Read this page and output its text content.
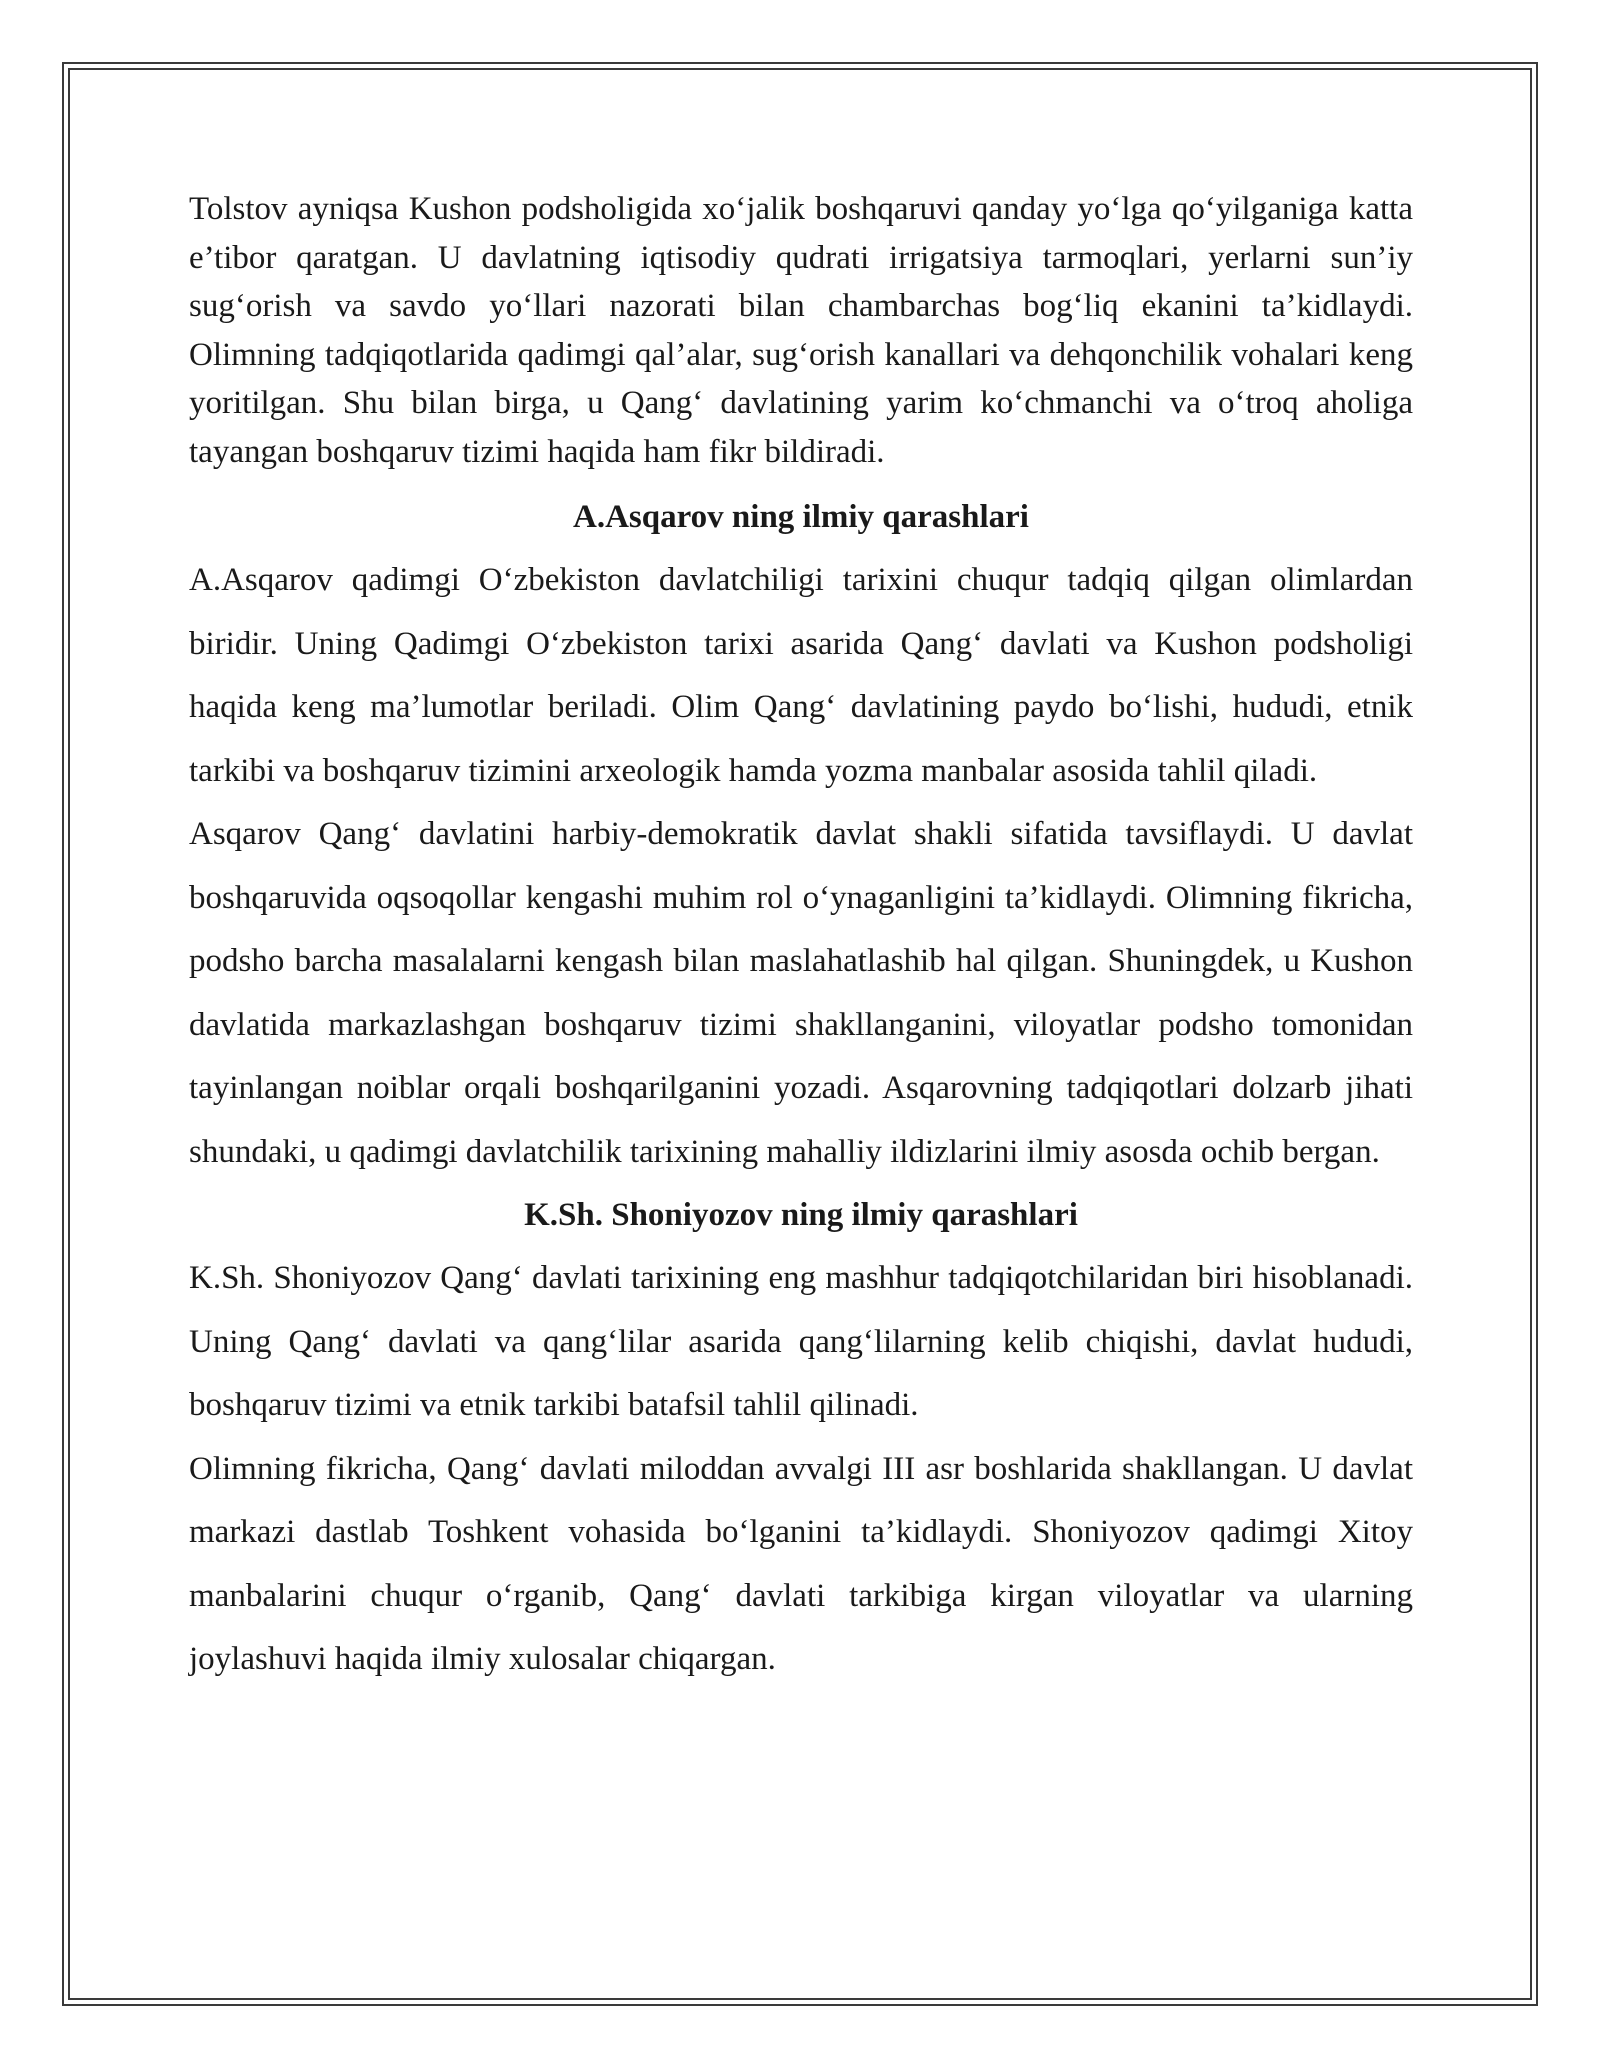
Tolstov ayniqsa Kushon podsholigida xo‘jalik boshqaruvi qanday yo‘lga qo‘yilganiga katta e’tibor qaratgan. U davlatning iqtisodiy qudrati irrigatsiya tarmoqlari, yerlarni sun’iy sug‘orish va savdo yo‘llari nazorati bilan chambarchas bog‘liq ekanini ta’kidlaydi. Olimning tadqiqotlarida qadimgi qal’alar, sug‘orish kanallari va dehqonchilik vohalari keng yoritilgan. Shu bilan birga, u Qang‘ davlatining yarim ko‘chmanchi va o‘troq aholiga tayangan boshqaruv tizimi haqida ham fikr bildiradi.

A.Asqarov ning ilmiy qarashlari

A.Asqarov qadimgi O‘zbekiston davlatchiligi tarixini chuqur tadqiq qilgan olimlardan biridir. Uning Qadimgi O‘zbekiston tarixi asarida Qang‘ davlati va Kushon podsholigi haqida keng ma’lumotlar beriladi. Olim Qang‘ davlatining paydo bo‘lishi, hududi, etnik tarkibi va boshqaruv tizimini arxeologik hamda yozma manbalar asosida tahlil qiladi.

Asqarov Qang‘ davlatini harbiy-demokratik davlat shakli sifatida tavsiflaydi. U davlat boshqaruvida oqsoqollar kengashi muhim rol o‘ynaganligini ta’kidlaydi. Olimning fikricha, podsho barcha masalalarni kengash bilan maslahatlashib hal qilgan. Shuningdek, u Kushon davlatida markazlashgan boshqaruv tizimi shakllanganini, viloyatlar podsho tomonidan tayinlangan noiblar orqali boshqarilganini yozadi. Asqarovning tadqiqotlari dolzarb jihati shundaki, u qadimgi davlatchilik tarixining mahalliy ildizlarini ilmiy asosda ochib bergan.

K.Sh. Shoniyozov ning ilmiy qarashlari

K.Sh. Shoniyozov Qang‘ davlati tarixining eng mashhur tadqiqotchilaridan biri hisoblanadi. Uning Qang‘ davlati va qang‘lilar asarida qang‘lilarning kelib chiqishi, davlat hududi, boshqaruv tizimi va etnik tarkibi batafsil tahlil qilinadi.

Olimning fikricha, Qang‘ davlati miloddan avvalgi III asr boshlarida shakllangan. U davlat markazi dastlab Toshkent vohasida bo‘lganini ta’kidlaydi. Shoniyozov qadimgi Xitoy manbalarini chuqur o‘rganib, Qang‘ davlati tarkibiga kirgan viloyatlar va ularning joylashuvi haqida ilmiy xulosalar chiqargan.
